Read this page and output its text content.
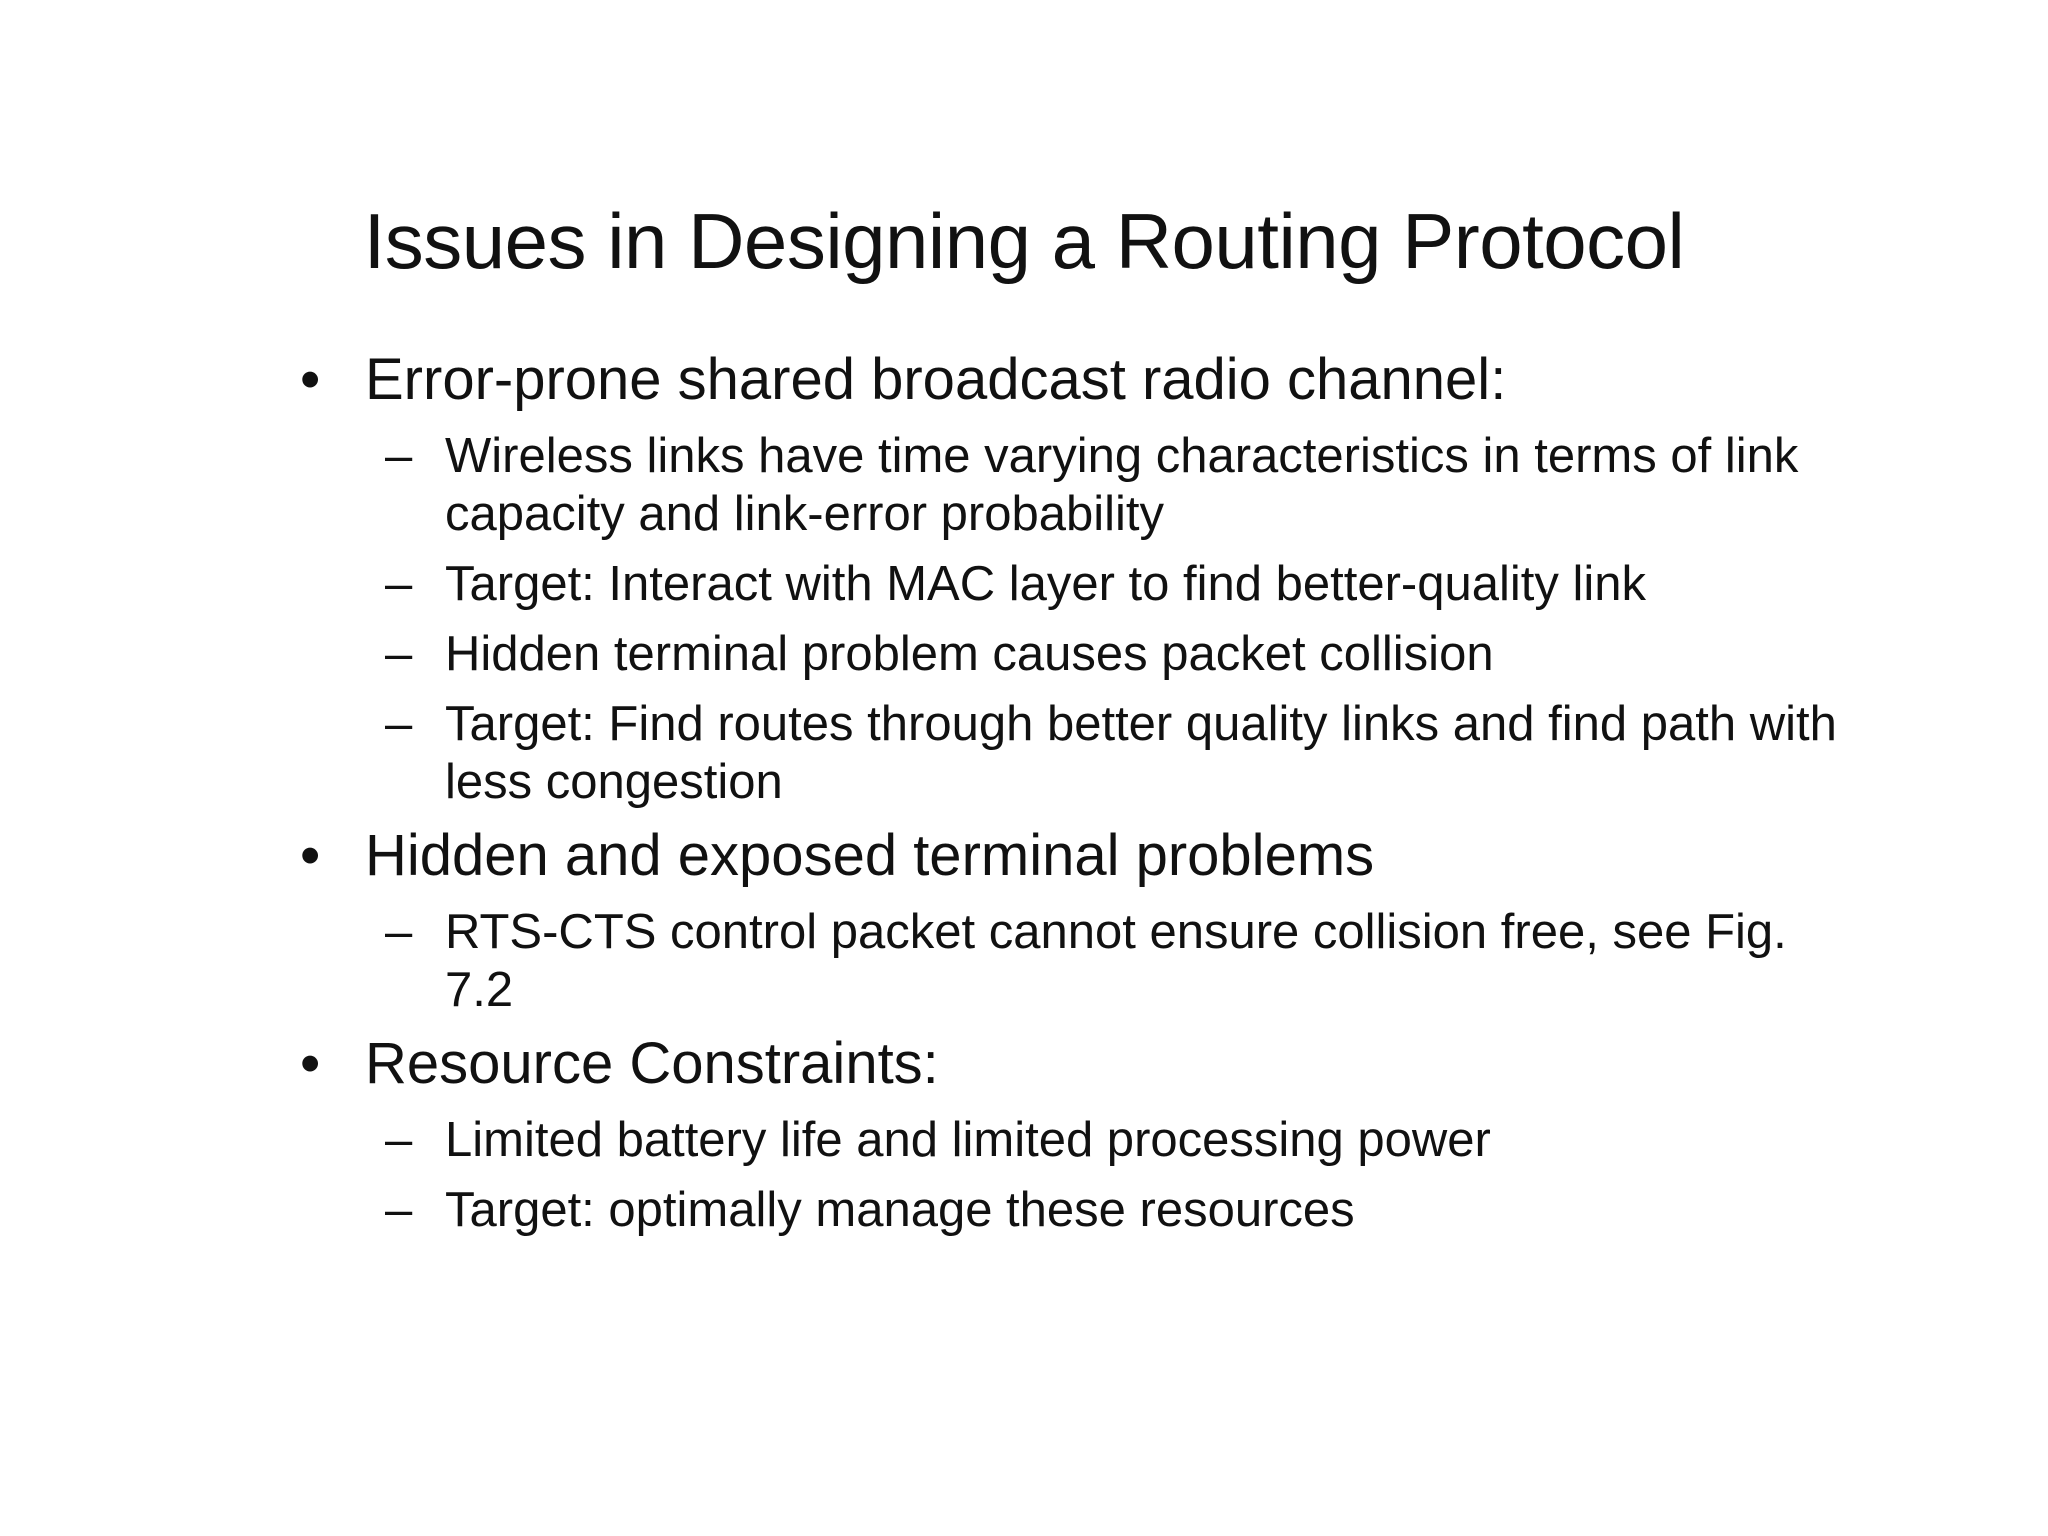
Issues in Designing a Routing Protocol
• Error-prone shared broadcast radio channel:
– Wireless links have time varying characteristics in terms of link capacity and link-error probability
– Target: Interact with MAC layer to find better-quality link
– Hidden terminal problem causes packet collision
– Target: Find routes through better quality links and find path with less congestion
• Hidden and exposed terminal problems
– RTS-CTS control packet cannot ensure collision free, see Fig. 7.2
• Resource Constraints:
– Limited battery life and limited processing power
– Target: optimally manage these resources
